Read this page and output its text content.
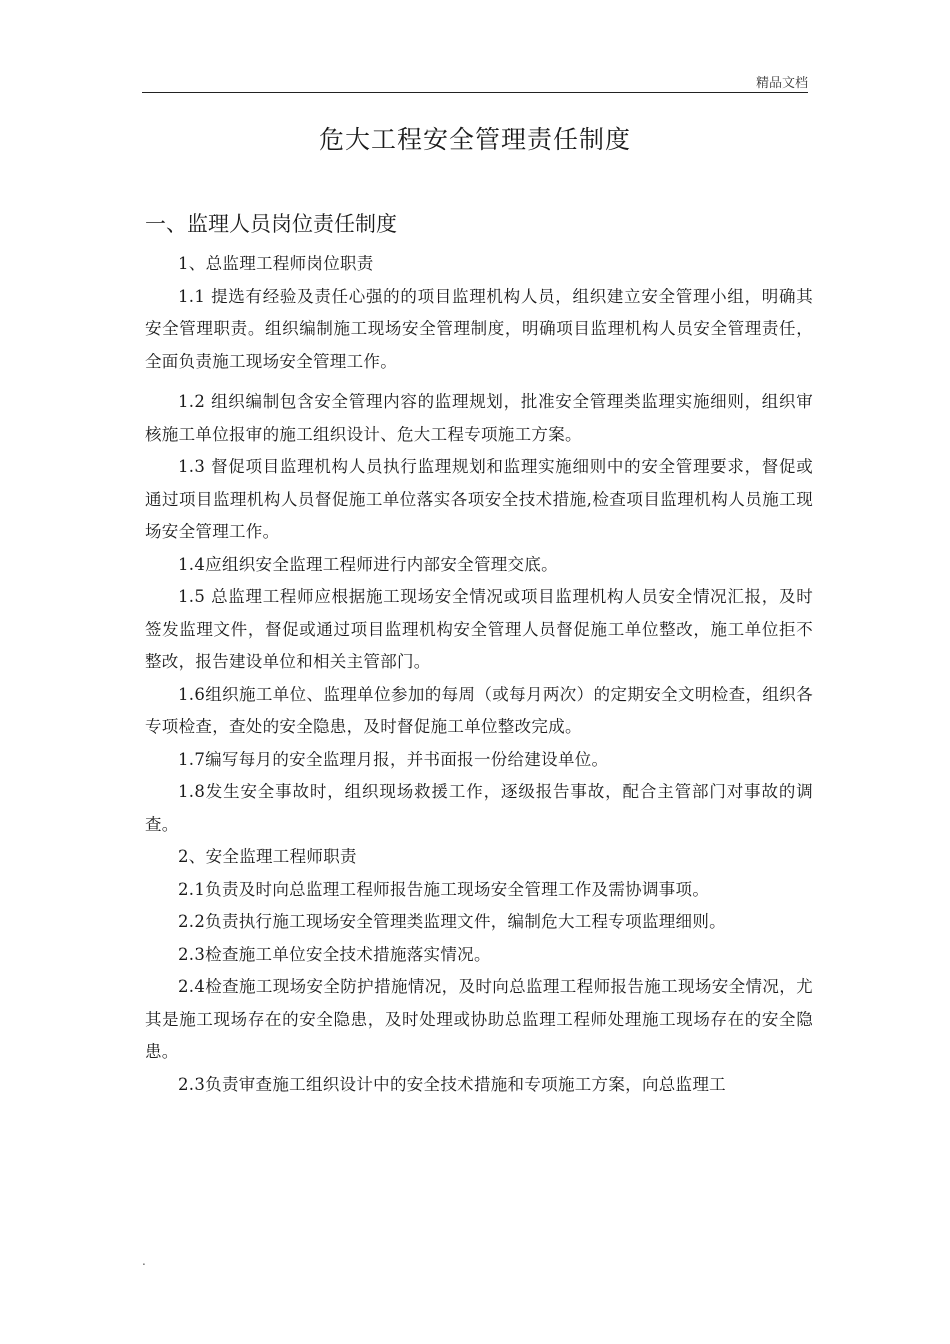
精品文档
危大工程安全管理责任制度
一、监理人员岗位责任制度

1、总监理工程师岗位职责

1.1 提选有经验及责任心强的的项目监理机构人员，组织建立安全管理小组，明确其安全管理职责。组织编制施工现场安全管理制度，明确项目监理机构人员安全管理责任，全面负责施工现场安全管理工作。

1.2 组织编制包含安全管理内容的监理规划，批准安全管理类监理实施细则，组织审核施工单位报审的施工组织设计、危大工程专项施工方案。

1.3 督促项目监理机构人员执行监理规划和监理实施细则中的安全管理要求，督促或通过项目监理机构人员督促施工单位落实各项安全技术措施,检查项目监理机构人员施工现场安全管理工作。

1.4应组织安全监理工程师进行内部安全管理交底。

1.5 总监理工程师应根据施工现场安全情况或项目监理机构人员安全情况汇报，及时签发监理文件，督促或通过项目监理机构安全管理人员督促施工单位整改，施工单位拒不整改，报告建设单位和相关主管部门。

1.6组织施工单位、监理单位参加的每周（或每月两次）的定期安全文明检查，组织各专项检查，查处的安全隐患，及时督促施工单位整改完成。

1.7编写每月的安全监理月报，并书面报一份给建设单位。

1.8发生安全事故时，组织现场救援工作，逐级报告事故，配合主管部门对事故的调查。

2、安全监理工程师职责

2.1负责及时向总监理工程师报告施工现场安全管理工作及需协调事项。

2.2负责执行施工现场安全管理类监理文件，编制危大工程专项监理细则。

2.3检查施工单位安全技术措施落实情况。

2.4检查施工现场安全防护措施情况，及时向总监理工程师报告施工现场安全情况，尤其是施工现场存在的安全隐患，及时处理或协助总监理工程师处理施工现场存在的安全隐患。

2.3负责审查施工组织设计中的安全技术措施和专项施工方案，向总监理工

.
